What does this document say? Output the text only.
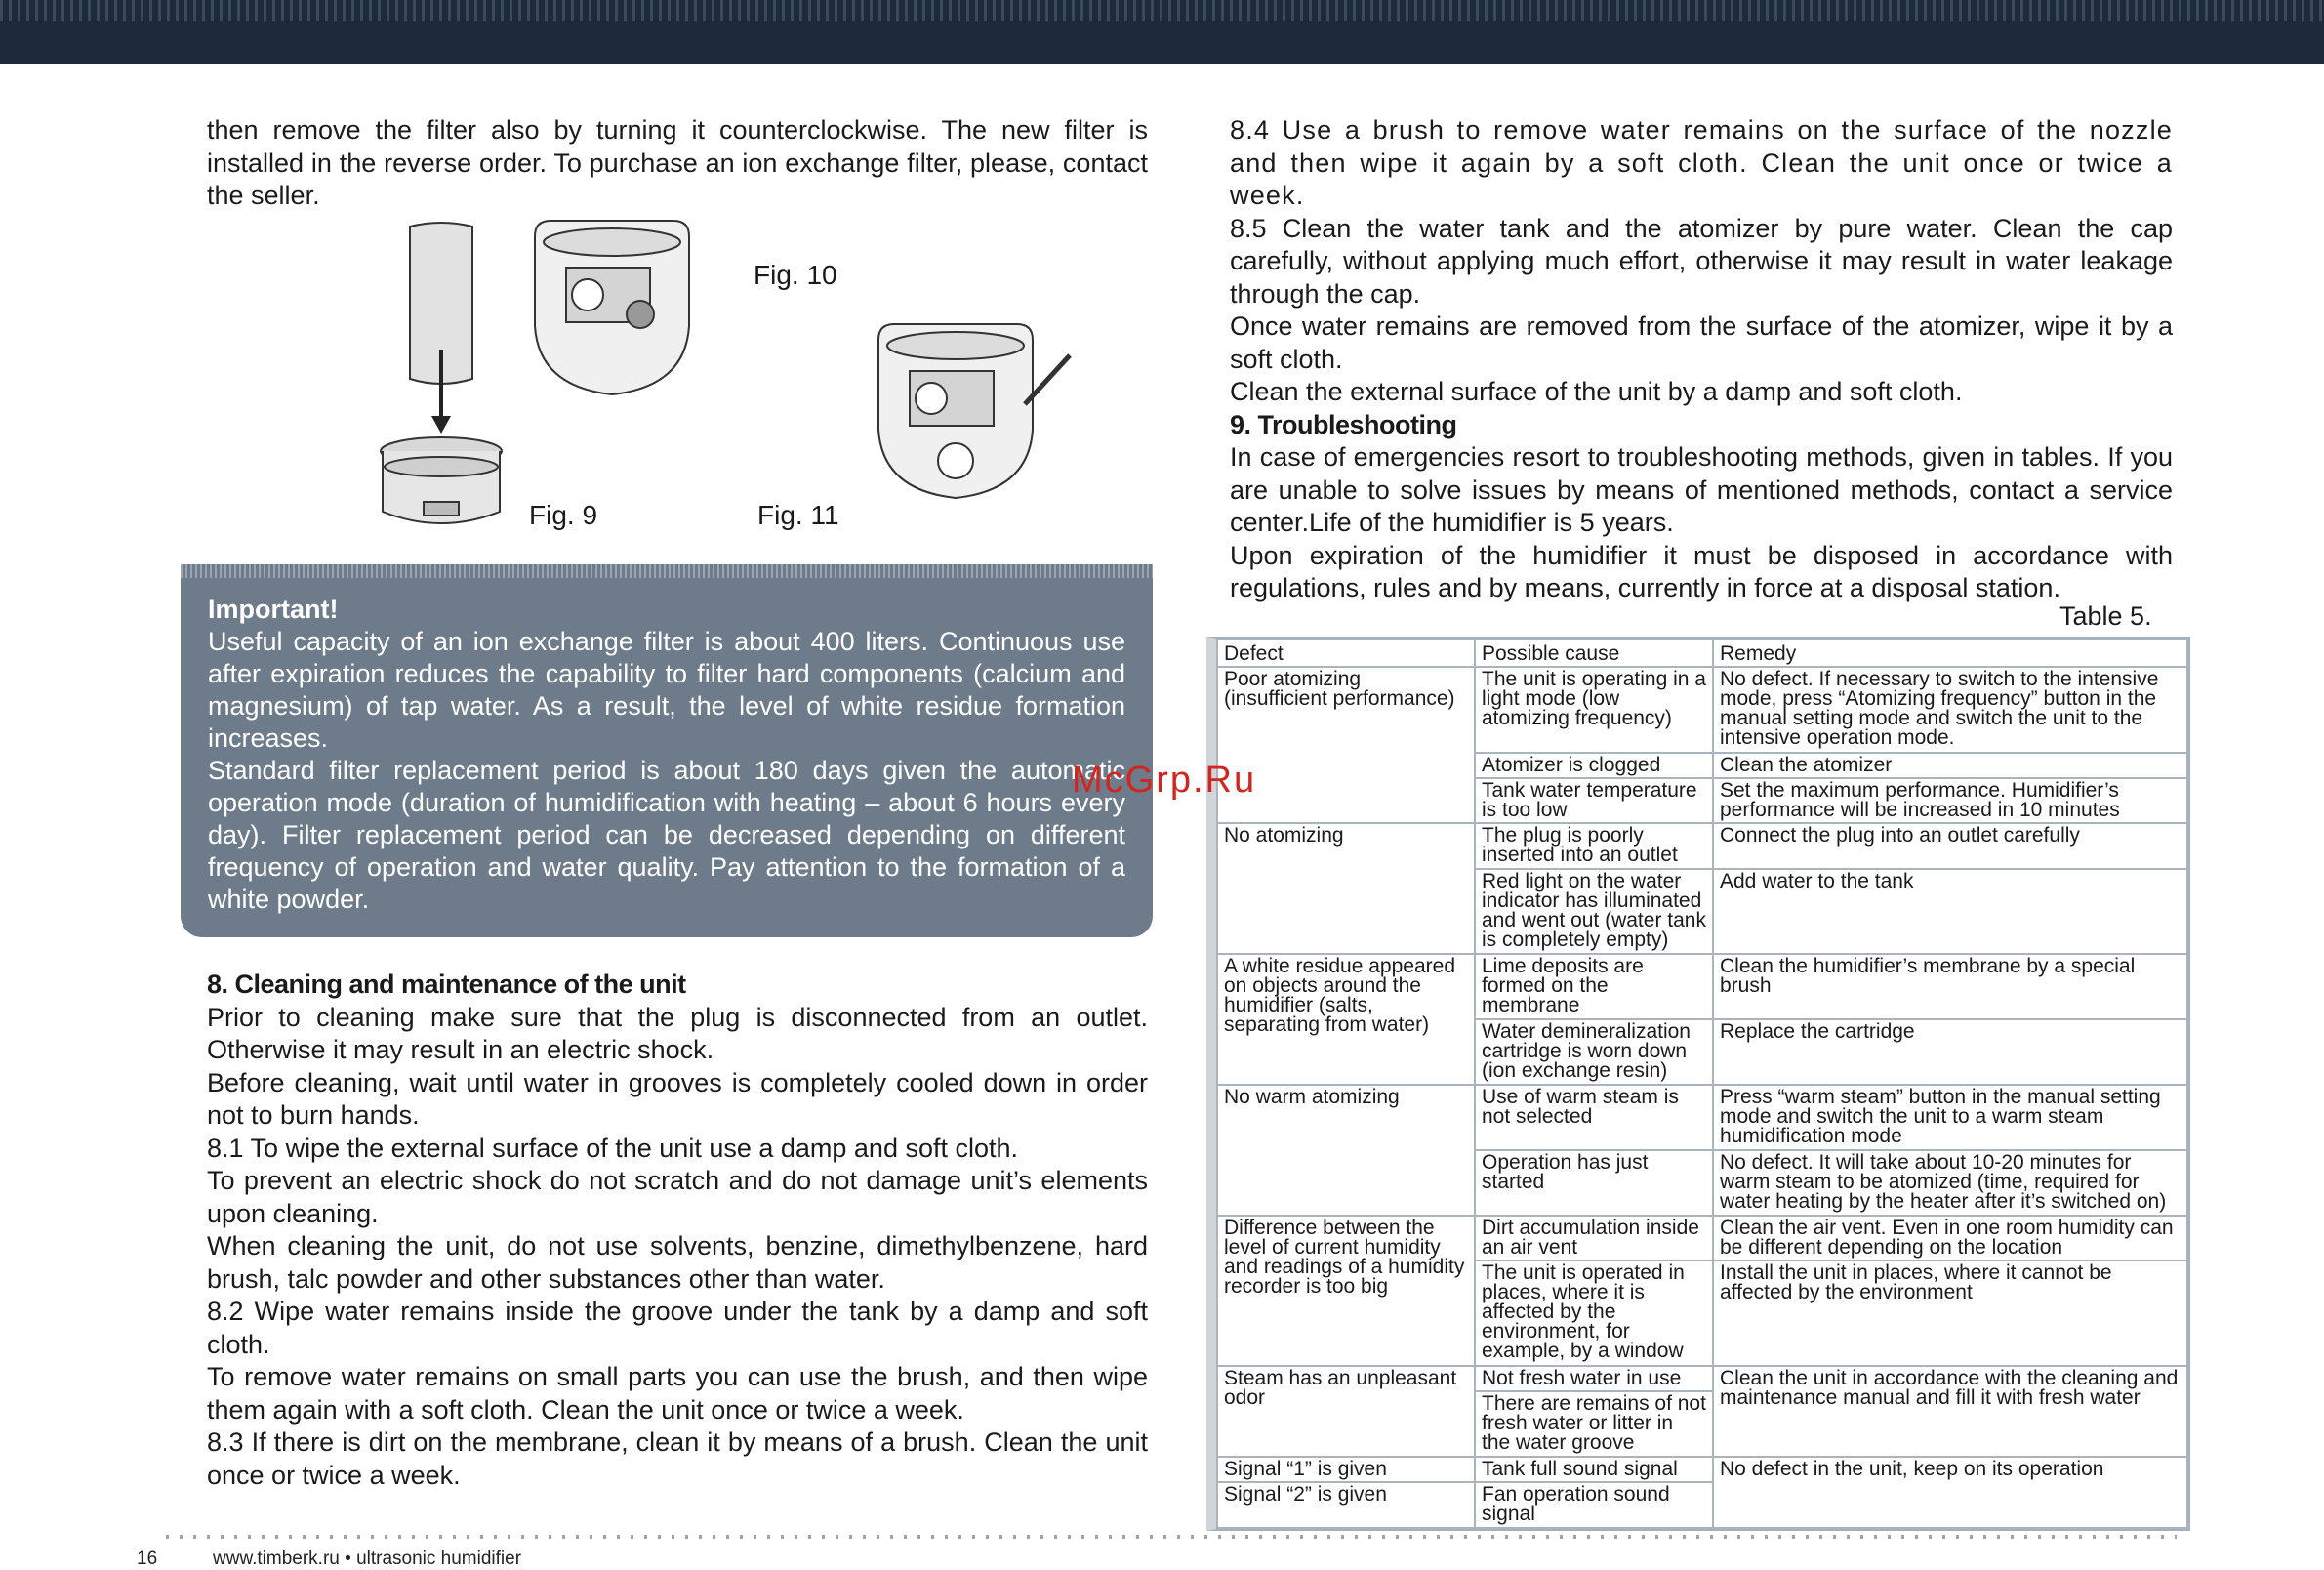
then remove the filter also by turning it counterclockwise. The new filter is installed in the reverse order. To purchase an ion exchange filter, please, contact the seller.

Fig. 10
Fig. 9	Fig. 11

Important!

Useful capacity of an ion exchange filter is about 400 liters. Continuous use after expiration reduces the capability to filter hard components (calcium and magnesium) of tap water. As a result, the level of white residue formation increases.

Standard filter replacement period is about 180 days given the automatic operation mode (duration of humidification with heating – about 6 hours every day). Filter replacement period can be decreased depending on different frequency of operation and water quality. Pay attention to the formation of a white powder.

8. Cleaning and maintenance of the unit

Prior to cleaning make sure that the plug is disconnected from an outlet. Otherwise it may result in an electric shock.

Before cleaning, wait until water in grooves is completely cooled down in order not to burn hands.

8.1 To wipe the external surface of the unit use a damp and soft cloth.

To prevent an electric shock do not scratch and do not damage unit’s elements upon cleaning.

When cleaning the unit, do not use solvents, benzine, dimethylbenzene, hard brush, talc powder and other substances other than water.

8.2 Wipe water remains inside the groove under the tank by a damp and soft cloth.

To remove water remains on small parts you can use the brush, and then wipe them again with a soft cloth. Clean the unit once or twice a week.

8.3 If there is dirt on the membrane, clean it by means of a brush. Clean the unit once or twice a week.

8.4 Use a brush to remove water remains on the surface of the nozzle and then wipe it again by a soft cloth. Clean the unit once or twice a week.

8.5 Clean the water tank and the atomizer by pure water. Clean the cap carefully, without applying much effort, otherwise it may result in water leakage through the cap.

Once water remains are removed from the surface of the atomizer, wipe it by a soft cloth.

Clean the external surface of the unit by a damp and soft cloth.

9. Troubleshooting

In case of emergencies resort to troubleshooting methods, given in tables. If you are unable to solve issues by means of mentioned methods, contact a service center.Life of the humidifier is 5 years.

Upon expiration of the humidifier it must be disposed in accordance with regulations, rules and by means, currently in force at a disposal station.

Table 5.
Defect	Possible cause	Remedy
Poor atomizing (insufficient performance)	The unit is operating in a light mode (low atomizing frequency)	No defect. If necessary to switch to the intensive mode, press “Atomizing frequency” button in the manual setting mode and switch the unit to the intensive operation mode.
	Atomizer is clogged	Clean the atomizer
	Tank water temperature is too low	Set the maximum performance. Humidifier’s performance will be increased in 10 minutes
No atomizing	The plug is poorly inserted into an outlet	Connect the plug into an outlet carefully
	Red light on the water indicator has illuminated and went out (water tank is completely empty)	Add water to the tank
A white residue appeared on objects around the humidifier (salts, separating from water)	Lime deposits are formed on the membrane	Clean the humidifier’s membrane by a special brush
	Water demineralization cartridge is worn down (ion exchange resin)	Replace the cartridge
No warm atomizing	Use of warm steam is not selected	Press “warm steam” button in the manual setting mode and switch the unit to a warm steam humidification mode
	Operation has just started	No defect. It will take about 10-20 minutes for warm steam to be atomized (time, required for water heating by the heater after it’s switched on)
Difference between the level of current humidity and readings of a humidity recorder is too big	Dirt accumulation inside an air vent	Clean the air vent. Even in one room humidity can be different depending on the location
	The unit is operated in places, where it is affected by the environment, for example, by a window	Install the unit in places, where it cannot be affected by the environment
Steam has an unpleasant odor	Not fresh water in use	Clean the unit in accordance with the cleaning and maintenance manual and fill it with fresh water
	There are remains of not fresh water or litter in the water groove	
Signal “1” is given	Tank full sound signal	No defect in the unit, keep on its operation
Signal “2” is given	Fan operation sound signal	
McGrp.Ru
16	www.timberk.ru • ultrasonic humidifier
